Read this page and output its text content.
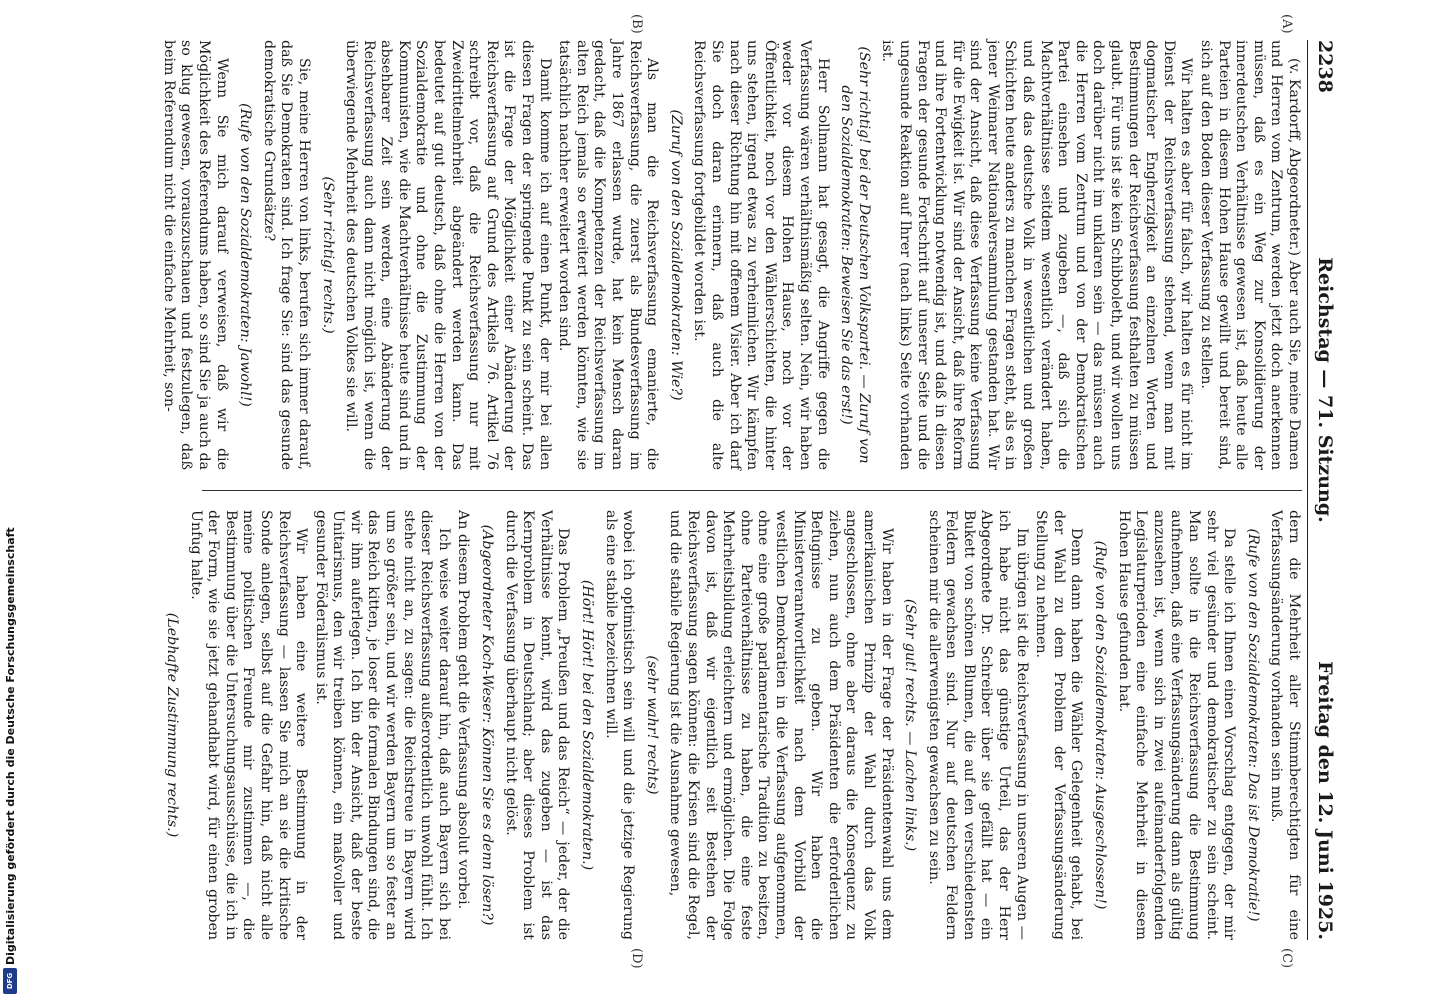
2238
Reichstag — 71. Sitzung.
Freitag den 12. Juni 1925.
(A)
(B)
(C)
(D)

(v. Kardorff, Abgeordneter.) Aber auch Sie, meine Damen und Herren vom Zentrum, werden jetzt doch anerkennen müssen, daß es ein Weg zur Konsolidierung der innerdeutschen Verhältnisse gewesen ist, daß heute alle Parteien in diesem Hohen Hause gewillt und bereit sind, sich auf den Boden dieser Verfassung zu stellen.

Wir halten es aber für falsch, wir halten es für nicht im Dienst der Reichsverfassung stehend, wenn man mit dogmatischer Engherzigkeit an einzelnen Worten und Bestimmungen der Reichsverfassung festhalten zu müssen glaubt. Für uns ist sie kein Schibboleth, und wir wollen uns doch darüber nicht im unklaren sein — das müssen auch die Herren vom Zentrum und von der Demokratischen Partei einsehen und zugeben —, daß sich die Machtverhältnisse seitdem wesentlich verändert haben, und daß das deutsche Volk in wesentlichen und großen Schichten heute anders zu manchen Fragen steht, als es in jener Weimarer Nationalversammlung gestanden hat. Wir sind der Ansicht, daß diese Verfassung keine Verfassung für die Ewigkeit ist. Wir sind der Ansicht, daß ihre Reform und ihre Fortentwicklung notwendig ist, und daß in diesen Fragen der gesunde Fortschritt auf unserer Seite und die ungesunde Reaktion auf Ihrer (nach links) Seite vorhanden ist.

(Sehr richtig! bei der Deutschen Volkspartei. — Zuruf von den Sozialdemokraten: Beweisen Sie das erst!)

Herr Sollmann hat gesagt, die Angriffe gegen die Verfassung wären verhältnismäßig selten. Nein, wir haben weder vor diesem Hohen Hause, noch vor der Öffentlichkeit, noch vor den Wählerschichten, die hinter uns stehen, irgend etwas zu verheimlichen. Wir kämpfen nach dieser Richtung hin mit offenem Visier. Aber ich darf Sie doch daran erinnern, daß auch die alte Reichsverfassung fortgebildet worden ist.

(Zuruf von den Sozialdemokraten: Wie?)

Als man die Reichsverfassung emanierte, die Reichsverfassung, die zuerst als Bundesverfassung im Jahre 1867 erlassen wurde, hat kein Mensch daran gedacht, daß die Kompetenzen der Reichsverfassung im alten Reich jemals so erweitert werden könnten, wie sie tatsächlich nachher erweitert worden sind.

Damit komme ich auf einen Punkt, der mir bei allen diesen Fragen der springende Punkt zu sein scheint. Das ist die Frage der Möglichkeit einer Abänderung der Reichsverfassung auf Grund des Artikels 76. Artikel 76 schreibt vor, daß die Reichsverfassung nur mit Zweidrittelmehrheit abgeändert werden kann. Das bedeutet auf gut deutsch, daß ohne die Herren von der Sozialdemokratie und ohne die Zustimmung der Kommunisten, wie die Machtverhältnisse heute sind und in absehbarer Zeit sein werden, eine Abänderung der Reichsverfassung auch dann nicht möglich ist, wenn die überwiegende Mehrheit des deutschen Volkes sie will.

(Sehr richtig! rechts.)

Sie, meine Herren von links, berufen sich immer darauf, daß Sie Demokraten sind. Ich frage Sie: sind das gesunde demokratische Grundsätze?

(Rufe von den Sozialdemokraten: Jawohl!)

Wenn Sie mich darauf verweisen, daß wir die Möglichkeit des Referendums haben, so sind Sie ja auch da so klug gewesen, vorauszuschauen und festzulegen, daß beim Referendum nicht die einfache Mehrheit, son-

dern die Mehrheit aller Stimmberechtigten für eine Verfassungsänderung vorhanden sein muß.

(Rufe von den Sozialdemokraten: Das ist Demokratie!)

Da stelle ich Ihnen einen Vorschlag entgegen, der mir sehr viel gesünder und demokratischer zu sein scheint. Man sollte in die Reichsverfassung die Bestimmung aufnehmen, daß eine Verfassungsänderung dann als gültig anzusehen ist, wenn sich in zwei aufeinanderfolgenden Legislaturperioden eine einfache Mehrheit in diesem Hohen Hause gefunden hat.

(Rufe von den Sozialdemokraten: Ausgeschlossen!)

Denn dann haben die Wähler Gelegenheit gehabt, bei der Wahl zu dem Problem der Verfassungsänderung Stellung zu nehmen.

Im übrigen ist die Reichsverfassung in unseren Augen — ich habe nicht das günstige Urteil, das der Herr Abgeordnete Dr. Schreiber über sie gefällt hat — ein Bukett von schönen Blumen, die auf den verschiedensten Feldern gewachsen sind. Nur auf deutschen Feldern scheinen mir die allerwenigsten gewachsen zu sein.

(Sehr gut! rechts. — Lachen links.)

Wir haben in der Frage der Präsidentenwahl uns dem amerikanischen Prinzip der Wahl durch das Volk angeschlossen, ohne aber daraus die Konsequenz zu ziehen, nun auch dem Präsidenten die erforderlichen Befugnisse zu geben. Wir haben die Ministerverantwortlichkeit nach dem Vorbild der westlichen Demokratien in die Verfassung aufgenommen, ohne eine große parlamentarische Tradition zu besitzen, ohne Parteiverhältnisse zu haben, die eine feste Mehrheitsbildung erleichtern und ermöglichen. Die Folge davon ist, daß wir eigentlich seit Bestehen der Reichsverfassung sagen können: die Krisen sind die Regel, und die stabile Regierung ist die Ausnahme gewesen,

(sehr wahr! rechts)

wobei ich optimistisch sein will und die jetzige Regierung als eine stabile bezeichnen will.

(Hört! Hört! bei den Sozialdemokraten.)

Das Problem „Preußen und das Reich“ — jeder, der die Verhältnisse kennt, wird das zugeben — ist das Kernproblem in Deutschland; aber dieses Problem ist durch die Verfassung überhaupt nicht gelöst.

(Abgeordneter Koch-Weser: Können Sie es denn lösen?)

An diesem Problem geht die Verfassung absolut vorbei.

Ich weise weiter darauf hin, daß auch Bayern sich bei dieser Reichsverfassung außerordentlich unwohl fühlt. Ich stehe nicht an, zu sagen: die Reichstreue in Bayern wird um so größer sein, und wir werden Bayern um so fester an das Reich kitten, je loser die formalen Bindungen sind, die wir ihm auferlegen. Ich bin der Ansicht, daß der beste Unitarismus, den wir treiben können, ein maßvoller und gesunder Föderalismus ist.

Wir haben eine weitere Bestimmung in der Reichsverfassung — lassen Sie mich an sie die kritische Sonde anlegen, selbst auf die Gefahr hin, daß nicht alle meine politischen Freunde mir zustimmen —, die Bestimmung über die Untersuchungsausschüsse, die ich in der Form, wie sie jetzt gehandhabt wird, für einen groben Unfug halte.

(Lebhafte Zustimmung rechts.)

Digitalisierung gefördert durch die Deutsche Forschungsgemeinschaft
DFG
